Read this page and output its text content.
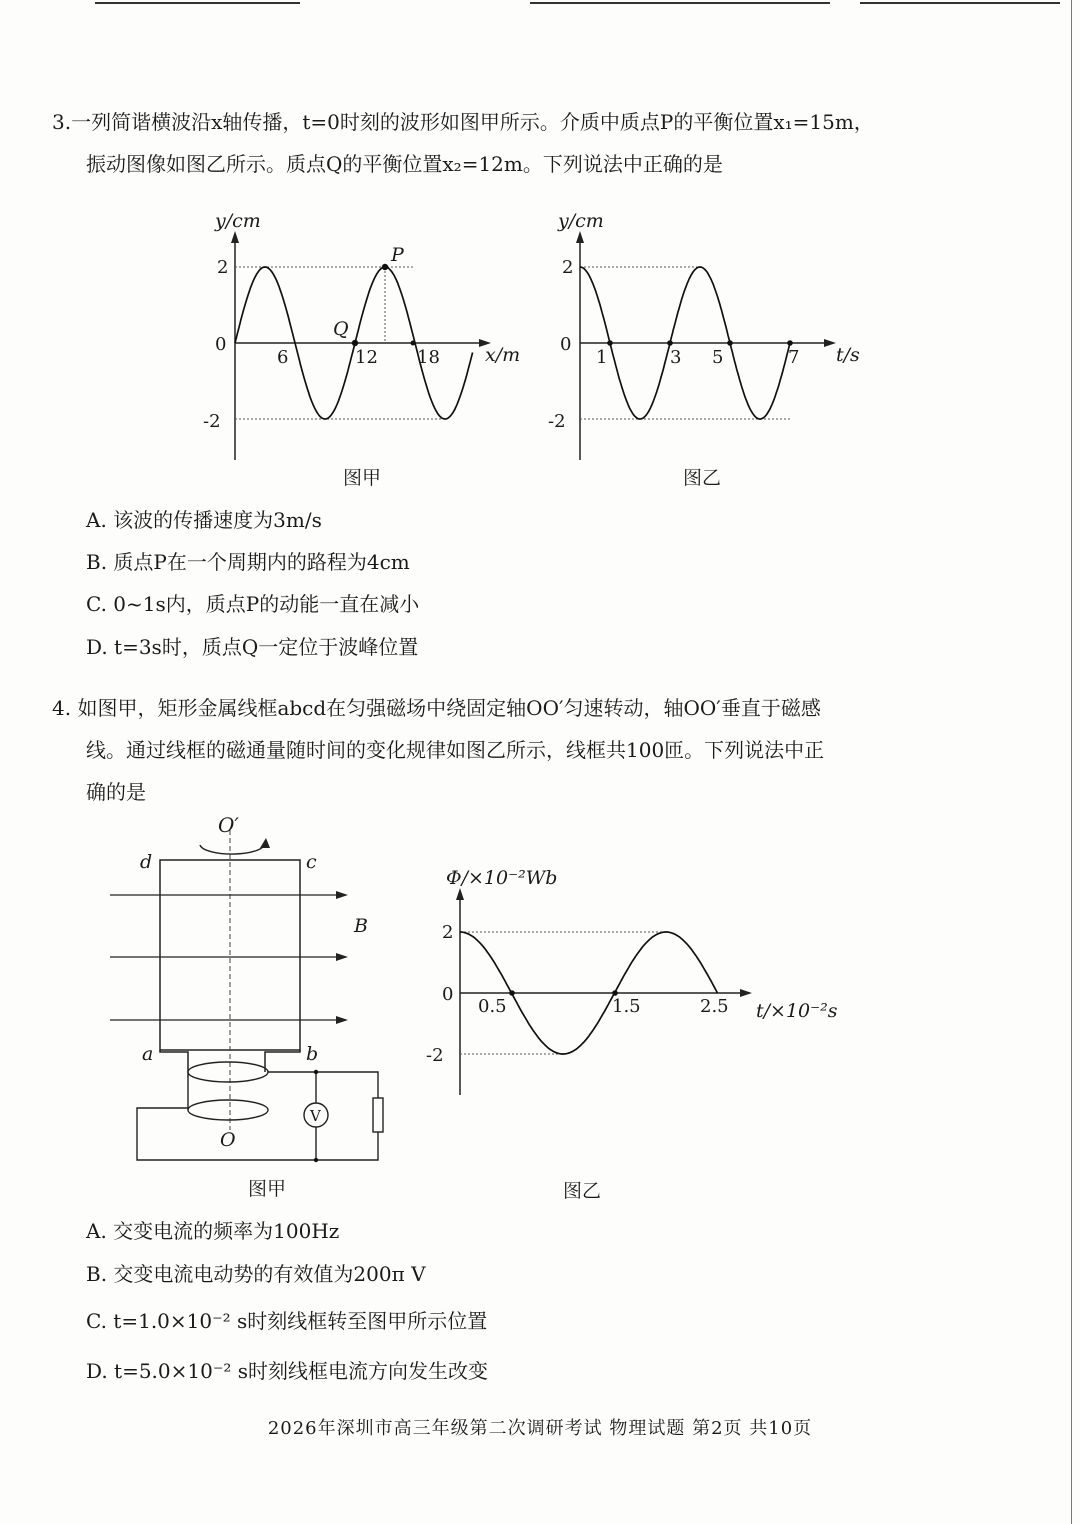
3.一列简谐横波沿x轴传播，t=0时刻的波形如图甲所示。介质中质点P的平衡位置x₁=15m，
振动图像如图乙所示。质点Q的平衡位置x₂=12m。下列说法中正确的是
y/cm
x/m
2
0
-2
6	12 18
P
Q
图甲
y/cm
t/s
2
0
-2
1	3 5	7
图乙
A. 该波的传播速度为3m/s
B. 质点P在一个周期内的路程为4cm
C. 0~1s内，质点P的动能一直在减小
D. t=3s时，质点Q一定位于波峰位置
4. 如图甲，矩形金属线框abcd在匀强磁场中绕固定轴OO′匀速转动，轴OO′垂直于磁感
线。通过线框的磁通量随时间的变化规律如图乙所示，线框共100匝。下列说法中正
确的是
O′
d	c
a	b
B
O
V
图甲
Φ/×10⁻²Wb
t/×10⁻²s
2
0
-2
0.5	1.5	2.5
图乙
A. 交变电流的频率为100Hz
B. 交变电流电动势的有效值为200π V
C. t=1.0×10⁻² s时刻线框转至图甲所示位置
D. t=5.0×10⁻² s时刻线框电流方向发生改变
2026年深圳市高三年级第二次调研考试 物理试题 第2页 共10页
